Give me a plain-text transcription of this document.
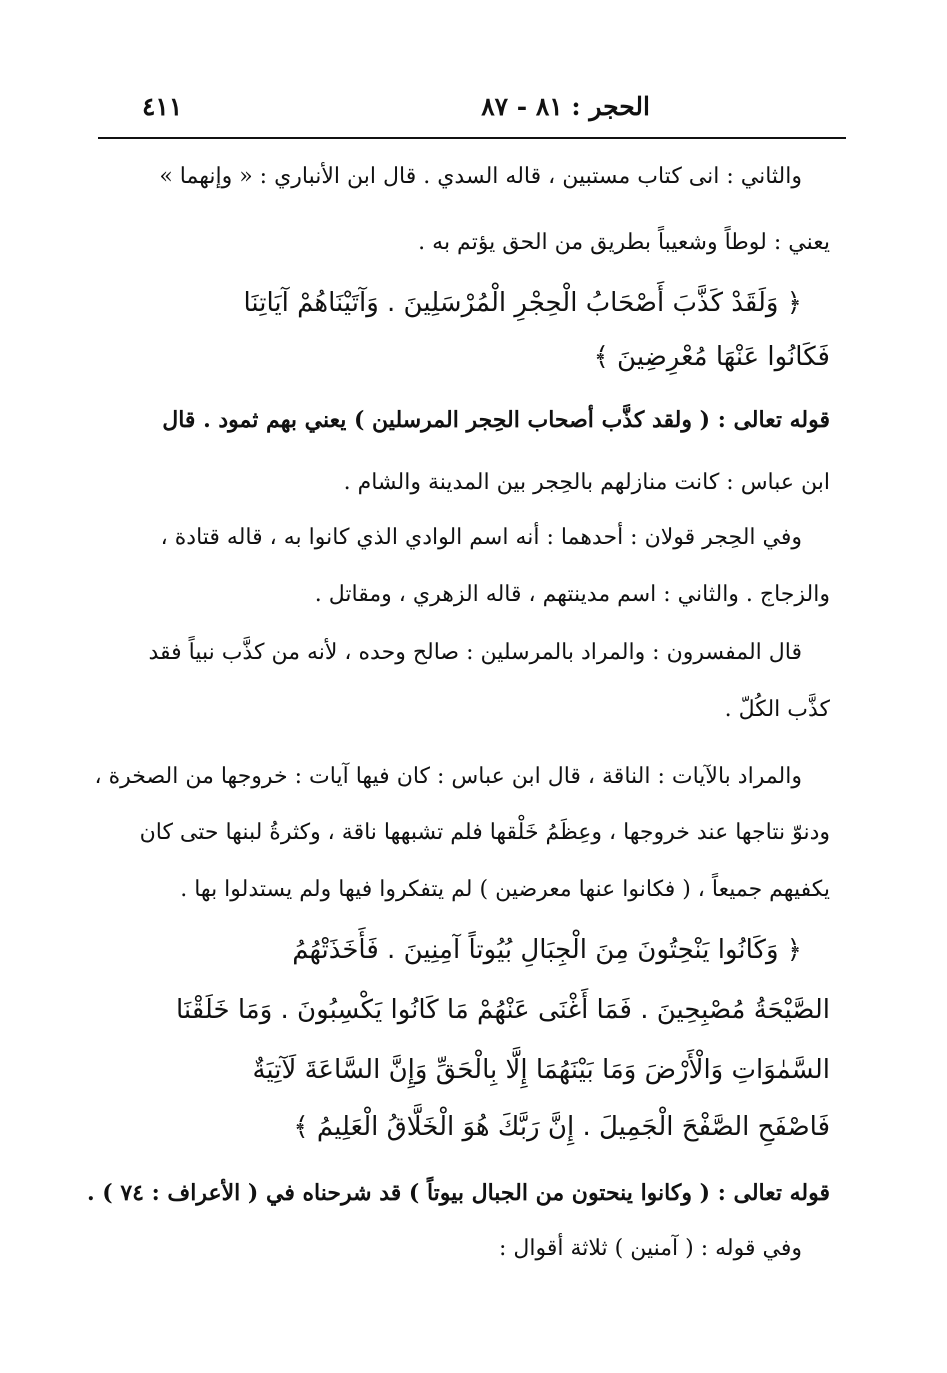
الحجر : ٨١ - ٨٧
٤١١
والثاني : انى كتاب مستبين ، قاله السدي . قال ابن الأنباري : « وإنهما »
يعني : لوطاً وشعيباً بطريق من الحق يؤتم به .
﴿ وَلَقَدْ كَذَّبَ أَصْحَابُ الْحِجْرِ الْمُرْسَلِينَ . وَآتَيْنَاهُمْ آيَاتِنَا
فَكَانُوا عَنْهَا مُعْرِضِينَ ﴾
قوله تعالى : ( ولقد كذَّب أصحاب الحِجر المرسلين ) يعني بهم ثمود . قال
ابن عباس : كانت منازلهم بالحِجر بين المدينة والشام .
وفي الحِجر قولان : أحدهما : أنه اسم الوادي الذي كانوا به ، قاله قتادة ،
والزجاج . والثاني : اسم مدينتهم ، قاله الزهري ، ومقاتل .
قال المفسرون : والمراد بالمرسلين : صالح وحده ، لأنه من كذَّب نبياً فقد
كذَّب الكُلّ .
والمراد بالآيات : الناقة ، قال ابن عباس : كان فيها آيات : خروجها من الصخرة ،
ودنوّ نتاجها عند خروجها ، وعِظَمُ خَلْقها فلم تشبهها ناقة ، وكثرةُ لبنها حتى كان
يكفيهم جميعاً ، ( فكانوا عنها معرضين ) لم يتفكروا فيها ولم يستدلوا بها .
﴿ وَكَانُوا يَنْحِتُونَ مِنَ الْجِبَالِ بُيُوتاً آمِنِينَ . فَأَخَذَتْهُمُ
الصَّيْحَةُ مُصْبِحِينَ . فَمَا أَغْنَى عَنْهُمْ مَا كَانُوا يَكْسِبُونَ . وَمَا خَلَقْنَا
السَّمٰوَاتِ وَالْأَرْضَ وَمَا بَيْنَهُمَا إِلَّا بِالْحَقِّ وَإِنَّ السَّاعَةَ لَآتِيَةٌ
فَاصْفَحِ الصَّفْحَ الْجَمِيلَ . إِنَّ رَبَّكَ هُوَ الْخَلَّاقُ الْعَلِيمُ ﴾
قوله تعالى : ( وكانوا ينحتون من الجبال بيوتاً ) قد شرحناه في ( الأعراف : ٧٤ ) .
وفي قوله : ( آمنين ) ثلاثة أقوال :
